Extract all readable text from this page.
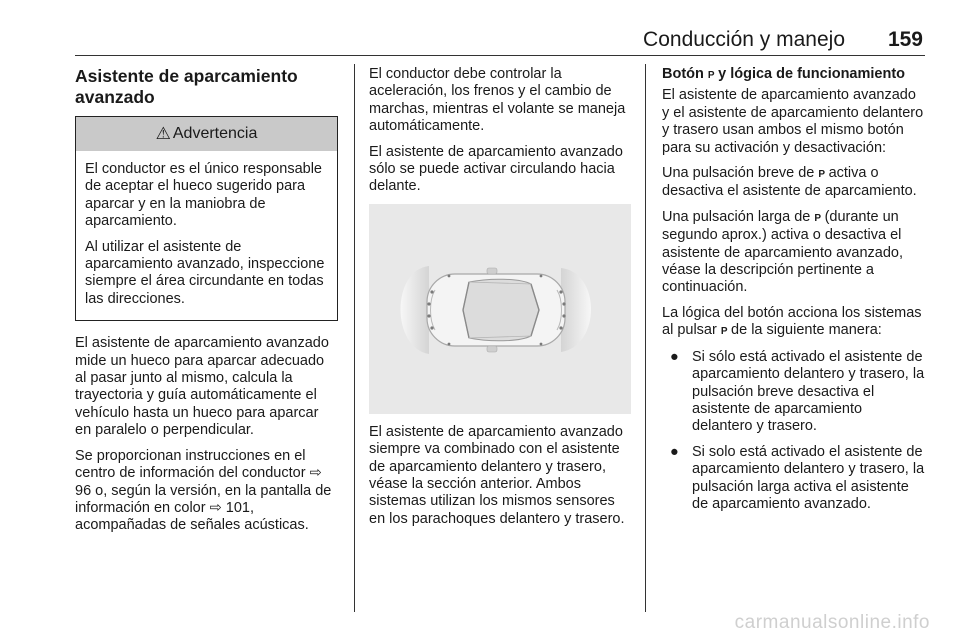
Conducción y manejo 159
Asistente de aparcamiento avanzado
⚠ Advertencia

El conductor es el único responsable de aceptar el hueco sugerido para aparcar y en la maniobra de aparcamiento.

Al utilizar el asistente de aparcamiento avanzado, inspeccione siempre el área circundante en todas las direcciones.

El asistente de aparcamiento avanzado mide un hueco para aparcar adecuado al pasar junto al mismo, calcula la trayectoria y guía automáticamente el vehículo hasta un hueco para aparcar en paralelo o perpendicular.

Se proporcionan instrucciones en el centro de información del conductor ⇨ 96 o, según la versión, en la pantalla de información en color ⇨ 101, acompañadas de señales acústicas.

El conductor debe controlar la aceleración, los frenos y el cambio de marchas, mientras el volante se maneja automáticamente.

El asistente de aparcamiento avanzado sólo se puede activar circulando hacia delante.

El asistente de aparcamiento avanzado siempre va combinado con el asistente de aparcamiento delantero y trasero, véase la sección anterior. Ambos sistemas utilizan los mismos sensores en los parachoques delantero y trasero.

Botón P y lógica de funcionamiento

El asistente de aparcamiento avanzado y el asistente de aparcamiento delantero y trasero usan ambos el mismo botón para su activación y desactivación:

Una pulsación breve de P activa o desactiva el asistente de aparcamiento.

Una pulsación larga de P (durante un segundo aprox.) activa o desactiva el asistente de aparcamiento avanzado, véase la descripción pertinente a continuación.

La lógica del botón acciona los sistemas al pulsar P de la siguiente manera:

● Si sólo está activado el asistente de aparcamiento delantero y trasero, la pulsación breve desactiva el asistente de aparcamiento delantero y trasero.
● Si solo está activado el asistente de aparcamiento delantero y trasero, la pulsación larga activa el asistente de aparcamiento avanzado.
carmanualsonline.info
